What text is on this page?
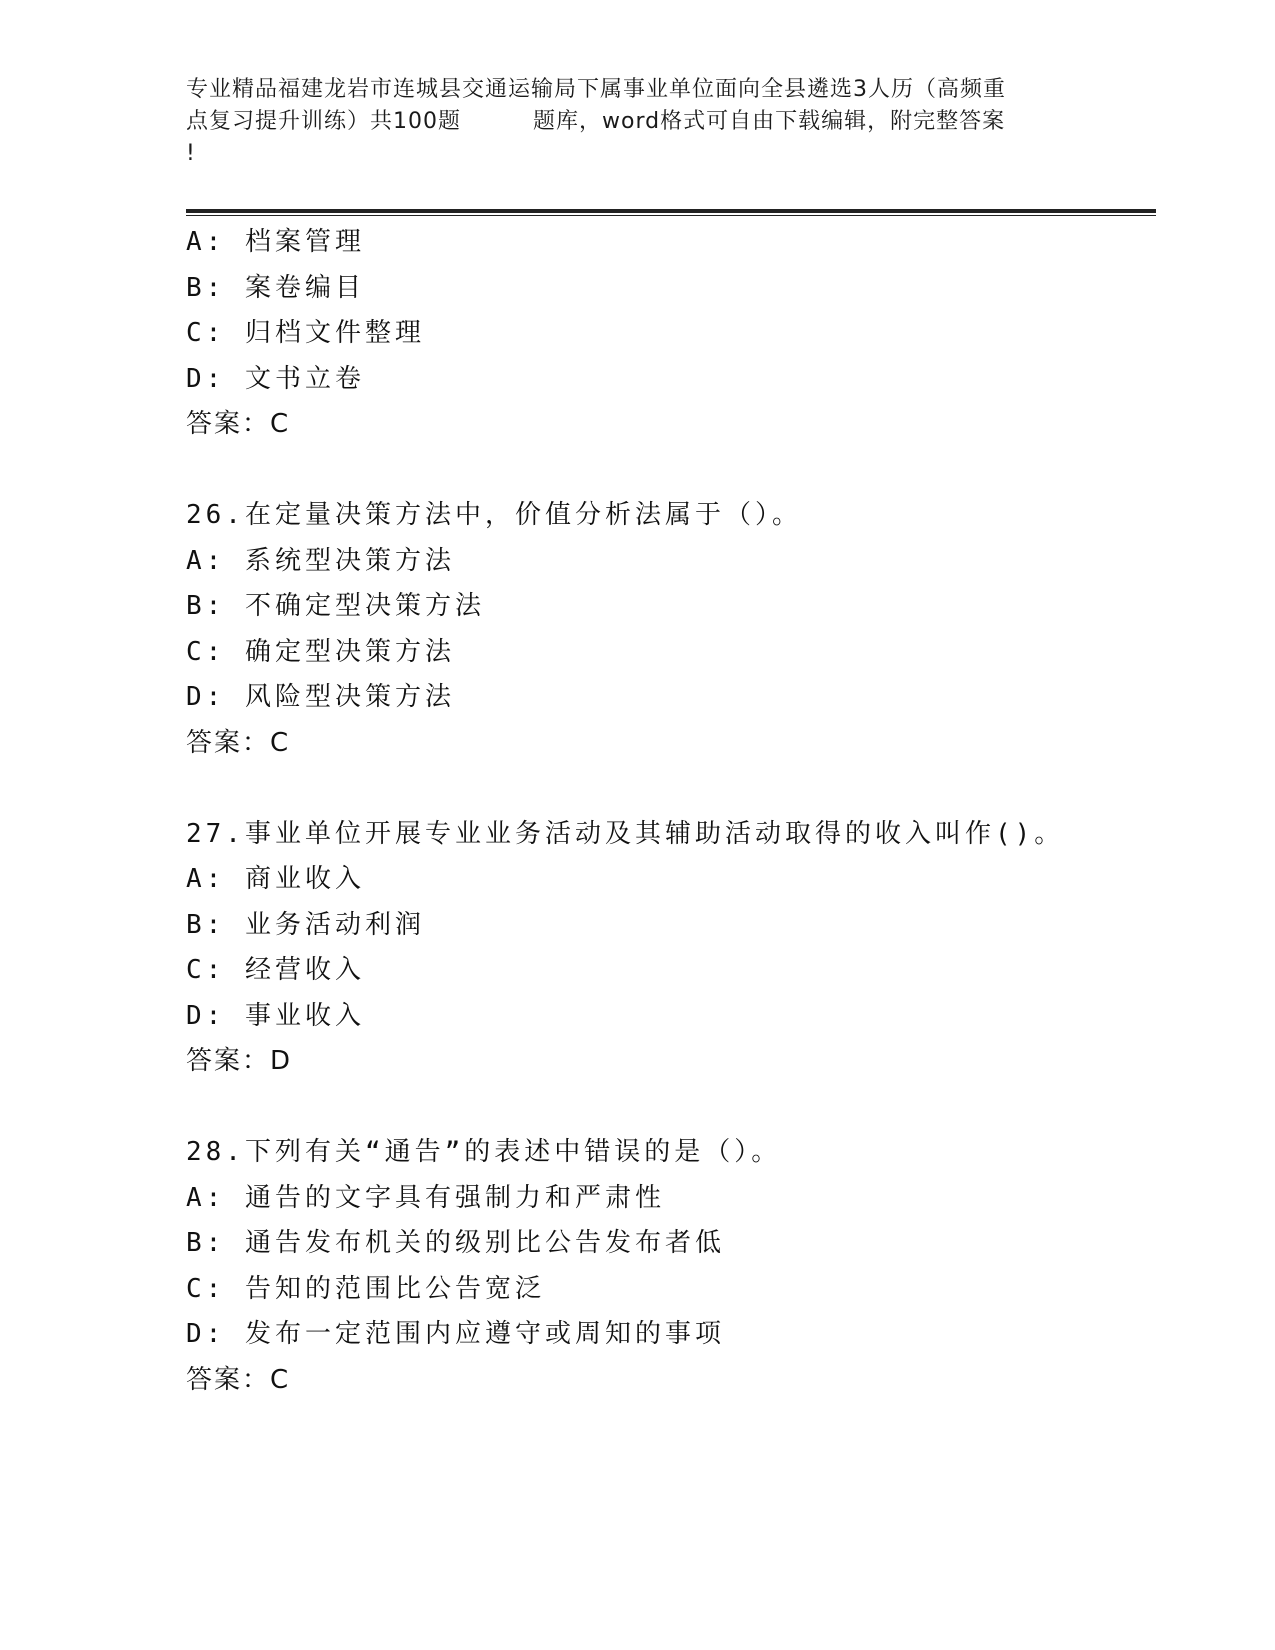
专业精品福建龙岩市连城县交通运输局下属事业单位面向全县遴选3人历（高频重
点复习提升训练）共100题	题库，word格式可自由下载编辑，附完整答案
!
A: 档案管理
B: 案卷编目
C: 归档文件整理
D: 文书立卷
答案：C
26.在定量决策方法中，价值分析法属于（）。
A: 系统型决策方法
B: 不确定型决策方法
C: 确定型决策方法
D: 风险型决策方法
答案：C
27.事业单位开展专业业务活动及其辅助活动取得的收入叫作()。
A: 商业收入
B: 业务活动利润
C: 经营收入
D: 事业收入
答案：D
28.下列有关“通告”的表述中错误的是（）。
A: 通告的文字具有强制力和严肃性
B: 通告发布机关的级别比公告发布者低
C: 告知的范围比公告宽泛
D: 发布一定范围内应遵守或周知的事项
答案：C
